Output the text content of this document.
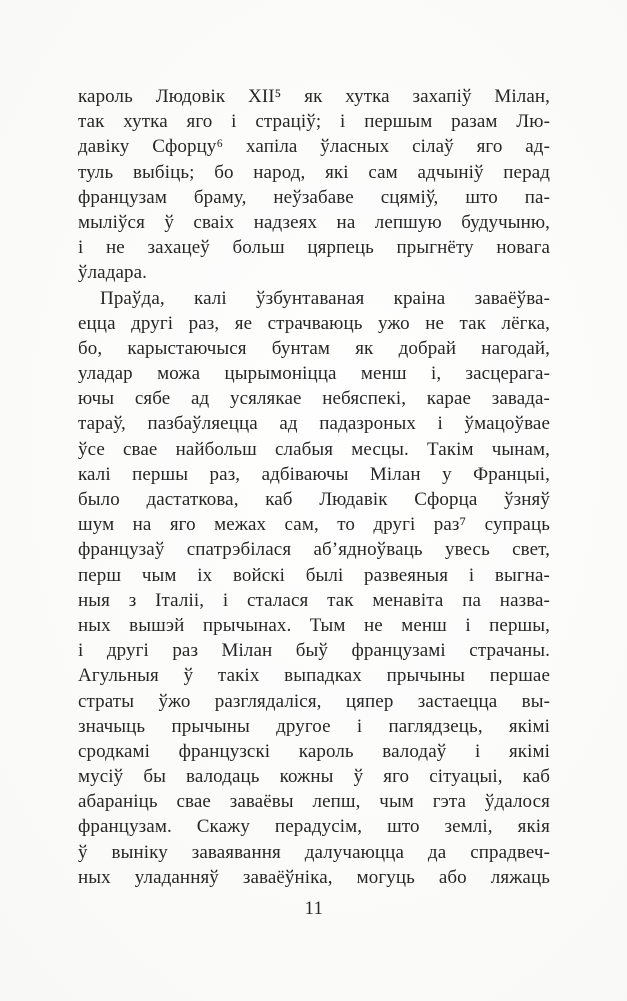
кароль Людовік XII⁵ як хутка захапіў Мілан,
так хутка яго і страціў; і першым разам Лю-
давіку Сфорцу⁶ хапіла ўласных сілаў яго ад-
туль выбіць; бо народ, які сам адчыніў перад
французам браму, неўзабаве сцяміў, што па-
мыліўся ў сваіх надзеях на лепшую будучыню,
і не захацеў больш цярпець прыгнёту новага
ўладара.
Праўда, калі ўзбунтаваная краіна заваёўва-
ецца другі раз, яе страчваюць ужо не так лёгка,
бо, карыстаючыся бунтам як добрай нагодай,
уладар можа цырымоніцца менш і, засцерага-
ючы сябе ад усялякае небяспекі, карае завада-
тараў, пазбаўляецца ад падазроных і ўмацоўвае
ўсе свае найбольш слабыя месцы. Такім чынам,
калі першы раз, адбіваючы Мілан у Францыі,
было дастаткова, каб Людавік Сфорца ўзняў
шум на яго межах сам, то другі раз⁷ супраць
французаў спатрэбілася аб’ядноўваць увесь свет,
перш чым іх войскі былі развеяныя і выгна-
ныя з Італіі, і сталася так менавіта па назва-
ных вышэй прычынах. Тым не менш і першы,
і другі раз Мілан быў французамі страчаны.
Агульныя ў такіх выпадках прычыны першае
страты ўжо разглядаліся, цяпер застаецца вы-
значыць прычыны другое і паглядзець, якімі
сродкамі французскі кароль валодаў і якімі
мусіў бы валодаць кожны ў яго сітуацыі, каб
абараніць свае заваёвы лепш, чым гэта ўдалося
французам. Скажу перадусім, што землі, якія
ў выніку заваявання далучаюцца да спрадвеч-
ных уладанняў заваёўніка, могуць або ляжаць
11
